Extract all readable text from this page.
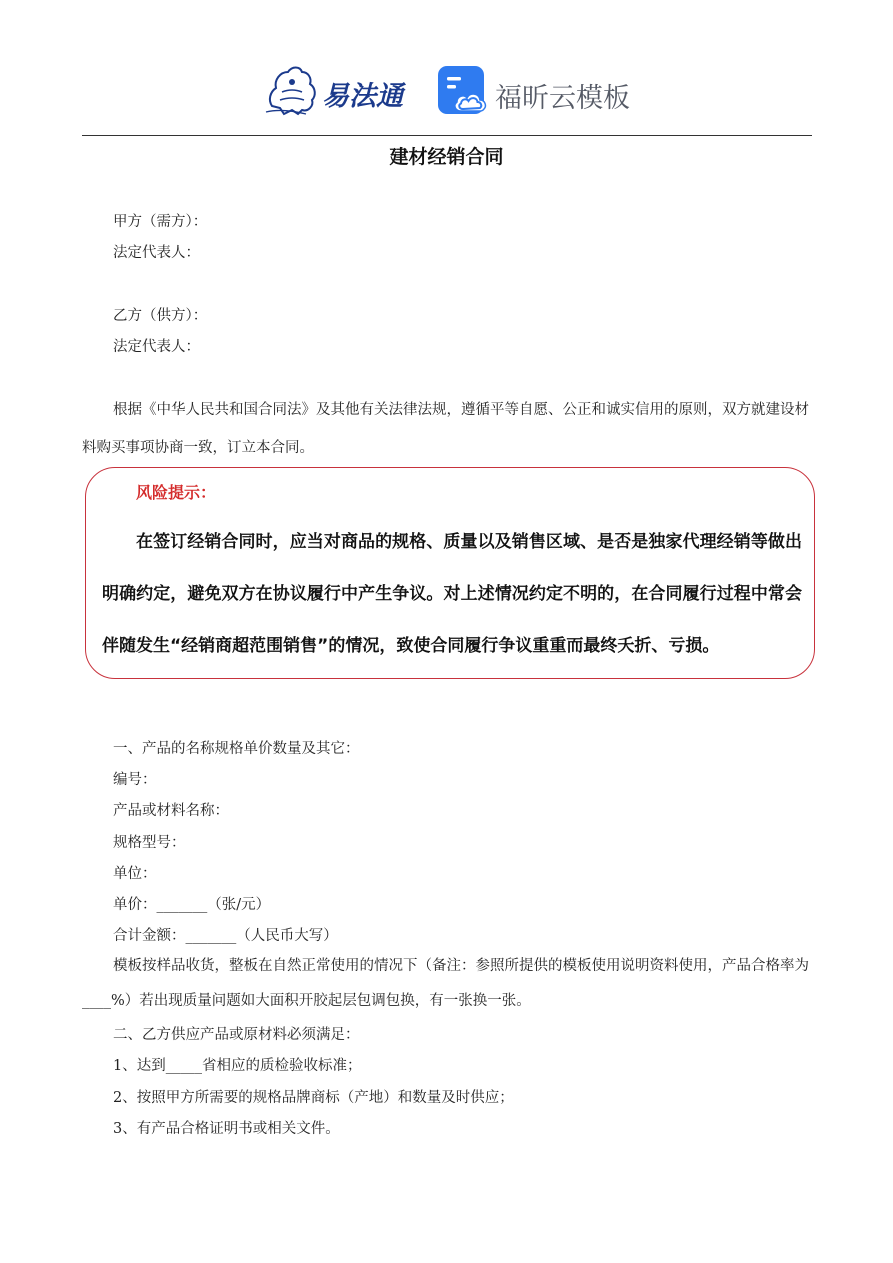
易法通	福昕云模板
建材经销合同
甲方（需方）：
法定代表人：
乙方（供方）：
法定代表人：
根据《中华人民共和国合同法》及其他有关法律法规，遵循平等自愿、公正和诚实信用的原则，双方就建设材料购买事项协商一致，订立本合同。
风险提示：
在签订经销合同时，应当对商品的规格、质量以及销售区域、是否是独家代理经销等做出明确约定，避免双方在协议履行中产生争议。对上述情况约定不明的，在合同履行过程中常会伴随发生“经销商超范围销售”的情况，致使合同履行争议重重而最终夭折、亏损。
一、产品的名称规格单价数量及其它：
编号：
产品或材料名称：
规格型号：
单位：
单价：_______（张/元）
合计金额：_______（人民币大写）
模板按样品收货，整板在自然正常使用的情况下（备注：参照所提供的模板使用说明资料使用，产品合格率为____%）若出现质量问题如大面积开胶起层包调包换，有一张换一张。
二、乙方供应产品或原材料必须满足：
1、达到_____省相应的质检验收标准；
2、按照甲方所需要的规格品牌商标（产地）和数量及时供应；
3、有产品合格证明书或相关文件。
